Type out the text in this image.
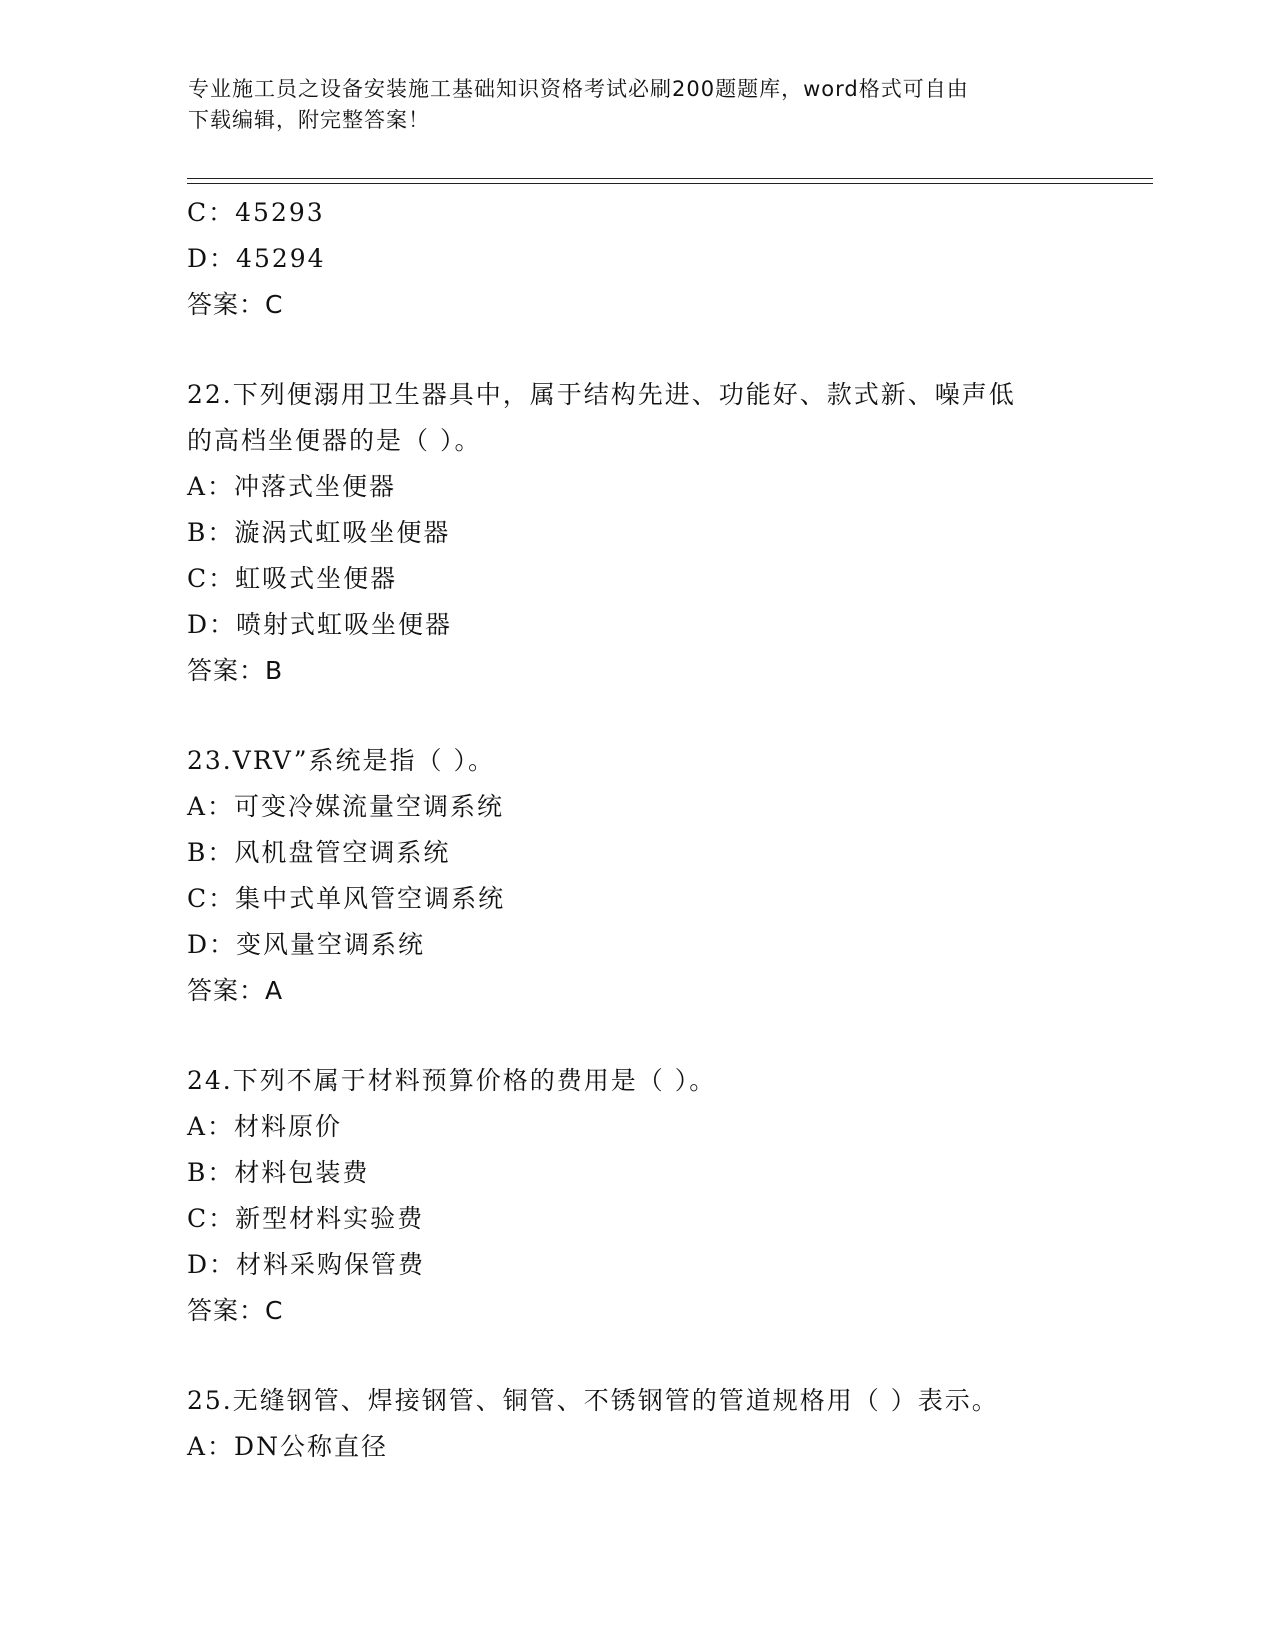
专业施工员之设备安装施工基础知识资格考试必刷200题题库，word格式可自由
下载编辑，附完整答案！
C：45293
D：45294
答案：C
22.下列便溺用卫生器具中，属于结构先进、功能好、款式新、噪声低
的高档坐便器的是（ ）。
A：冲落式坐便器
B：漩涡式虹吸坐便器
C：虹吸式坐便器
D：喷射式虹吸坐便器
答案：B
23.VRV”系统是指（ ）。
A：可变冷媒流量空调系统
B：风机盘管空调系统
C：集中式单风管空调系统
D：变风量空调系统
答案：A
24.下列不属于材料预算价格的费用是（ ）。
A：材料原价
B：材料包装费
C：新型材料实验费
D：材料采购保管费
答案：C
25.无缝钢管、焊接钢管、铜管、不锈钢管的管道规格用（ ）表示。
A：DN公称直径
